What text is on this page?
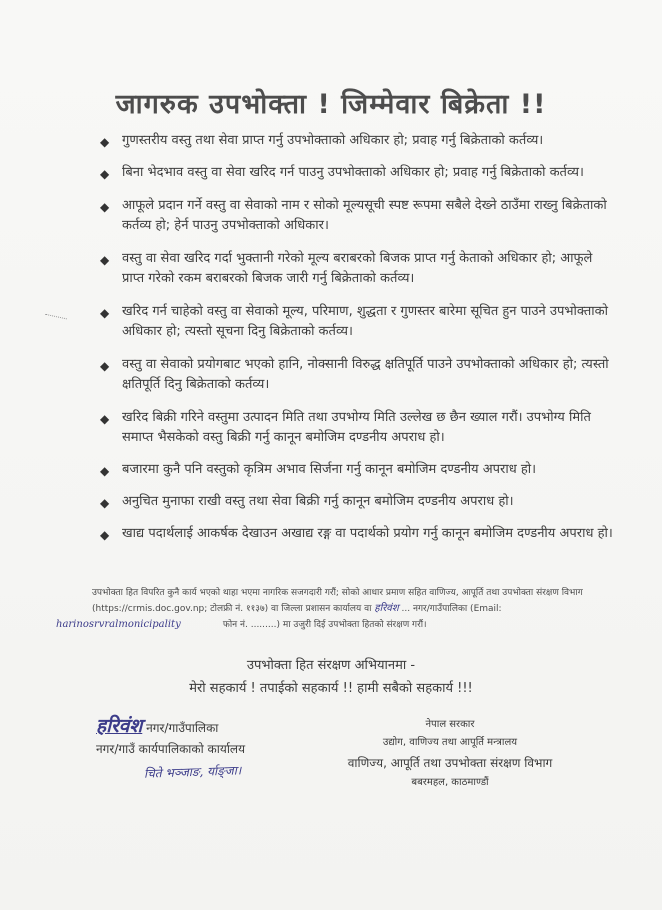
जागरुक उपभोक्ता ! जिम्मेवार बिक्रेता !!
◆ गुणस्तरीय वस्तु तथा सेवा प्राप्त गर्नु उपभोक्ताको अधिकार हो; प्रवाह गर्नु बिक्रेताको कर्तव्य।
◆ बिना भेदभाव वस्तु वा सेवा खरिद गर्न पाउनु उपभोक्ताको अधिकार हो; प्रवाह गर्नु बिक्रेताको कर्तव्य।
◆ आफूले प्रदान गर्ने वस्तु वा सेवाको नाम र सोको मूल्यसूची स्पष्ट रूपमा सबैले देख्ने ठाउँमा राख्नु बिक्रेताको कर्तव्य हो; हेर्न पाउनु उपभोक्ताको अधिकार।
◆ वस्तु वा सेवा खरिद गर्दा भुक्तानी गरेको मूल्य बराबरको बिजक प्राप्त गर्नु केताको अधिकार हो; आफूले प्राप्त गरेको रकम बराबरको बिजक जारी गर्नु बिक्रेताको कर्तव्य।
◆ खरिद गर्न चाहेको वस्तु वा सेवाको मूल्य, परिमाण, शुद्धता र गुणस्तर बारेमा सूचित हुन पाउने उपभोक्ताको अधिकार हो; त्यस्तो सूचना दिनु बिक्रेताको कर्तव्य।
◆ वस्तु वा सेवाको प्रयोगबाट भएको हानि, नोक्सानी विरुद्ध क्षतिपूर्ति पाउने उपभोक्ताको अधिकार हो; त्यस्तो क्षतिपूर्ति दिनु बिक्रेताको कर्तव्य।
◆ खरिद बिक्री गरिने वस्तुमा उत्पादन मिति तथा उपभोग्य मिति उल्लेख छ छैन ख्याल गरौं। उपभोग्य मिति समाप्त भैसकेको वस्तु बिक्री गर्नु कानून बमोजिम दण्डनीय अपराध हो।
◆ बजारमा कुनै पनि वस्तुको कृत्रिम अभाव सिर्जना गर्नु कानून बमोजिम दण्डनीय अपराध हो।
◆ अनुचित मुनाफा राखी वस्तु तथा सेवा बिक्री गर्नु कानून बमोजिम दण्डनीय अपराध हो।
◆ खाद्य पदार्थलाई आकर्षक देखाउन अखाद्य रङ्ग वा पदार्थको प्रयोग गर्नु कानून बमोजिम दण्डनीय अपराध हो।
उपभोक्ता हित विपरित कुनै कार्य भएको थाहा भएमा नागरिक सजगदारी गरौं; सोको आधार प्रमाण सहित वाणिज्य, आपूर्ति तथा उपभोक्ता संरक्षण विभाग (https://crmis.doc.gov.np; टोलफ्री नं. ११३७) वा जिल्ला प्रशासन कार्यालय वा हरिवंश ... नगर/गाउँपालिका (Email:
harinosrvralmonicipality	फोन नं. .........) मा उजुरी दिई उपभोक्ता हितको संरक्षण गरौं।
उपभोक्ता हित संरक्षण अभियानमा -
मेरो सहकार्य ! तपाईको सहकार्य !! हामी सबैको सहकार्य !!!
हरिवंश नगर/गाउँपालिका
नगर/गाउँ कार्यपालिकाको कार्यालय
चिते भञ्जाङ, र्याङ्जा।
नेपाल सरकार
उद्योग, वाणिज्य तथा आपूर्ति मन्त्रालय
वाणिज्य, आपूर्ति तथा उपभोक्ता संरक्षण विभाग
बबरमहल, काठमाण्डौं
